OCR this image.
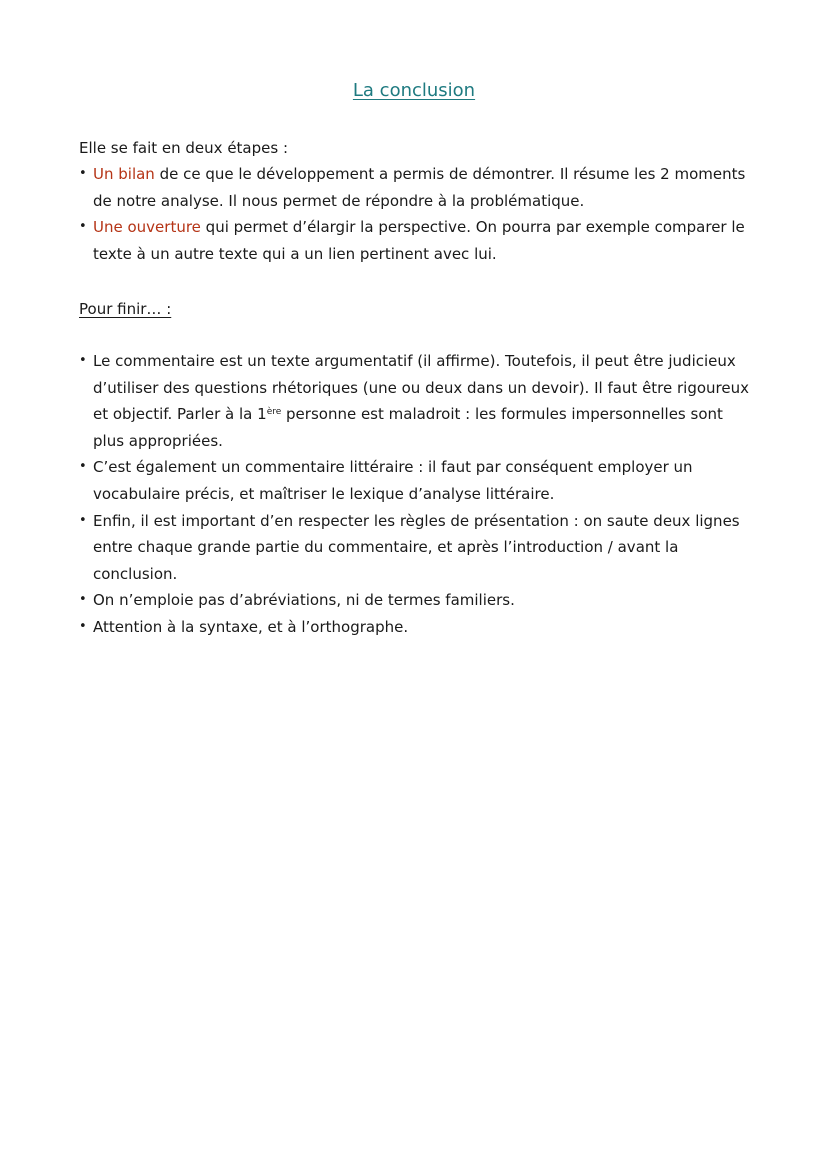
La conclusion

Elle se fait en deux étapes :

• Un bilan de ce que le développement a permis de démontrer. Il résume les 2 moments de notre analyse. Il nous permet de répondre à la problématique.
• Une ouverture qui permet d’élargir la perspective. On pourra par exemple comparer le texte à un autre texte qui a un lien pertinent avec lui.

Pour finir… :

• Le commentaire est un texte argumentatif (il affirme). Toutefois, il peut être judicieux d’utiliser des questions rhétoriques (une ou deux dans un devoir). Il faut être rigoureux et objectif. Parler à la 1ère personne est maladroit : les formules impersonnelles sont plus appropriées.
• C’est également un commentaire littéraire : il faut par conséquent employer un vocabulaire précis, et maîtriser le lexique d’analyse littéraire.
• Enfin, il est important d’en respecter les règles de présentation : on saute deux lignes entre chaque grande partie du commentaire, et après l’introduction / avant la conclusion.
• On n’emploie pas d’abréviations, ni de termes familiers.
• Attention à la syntaxe, et à l’orthographe.
